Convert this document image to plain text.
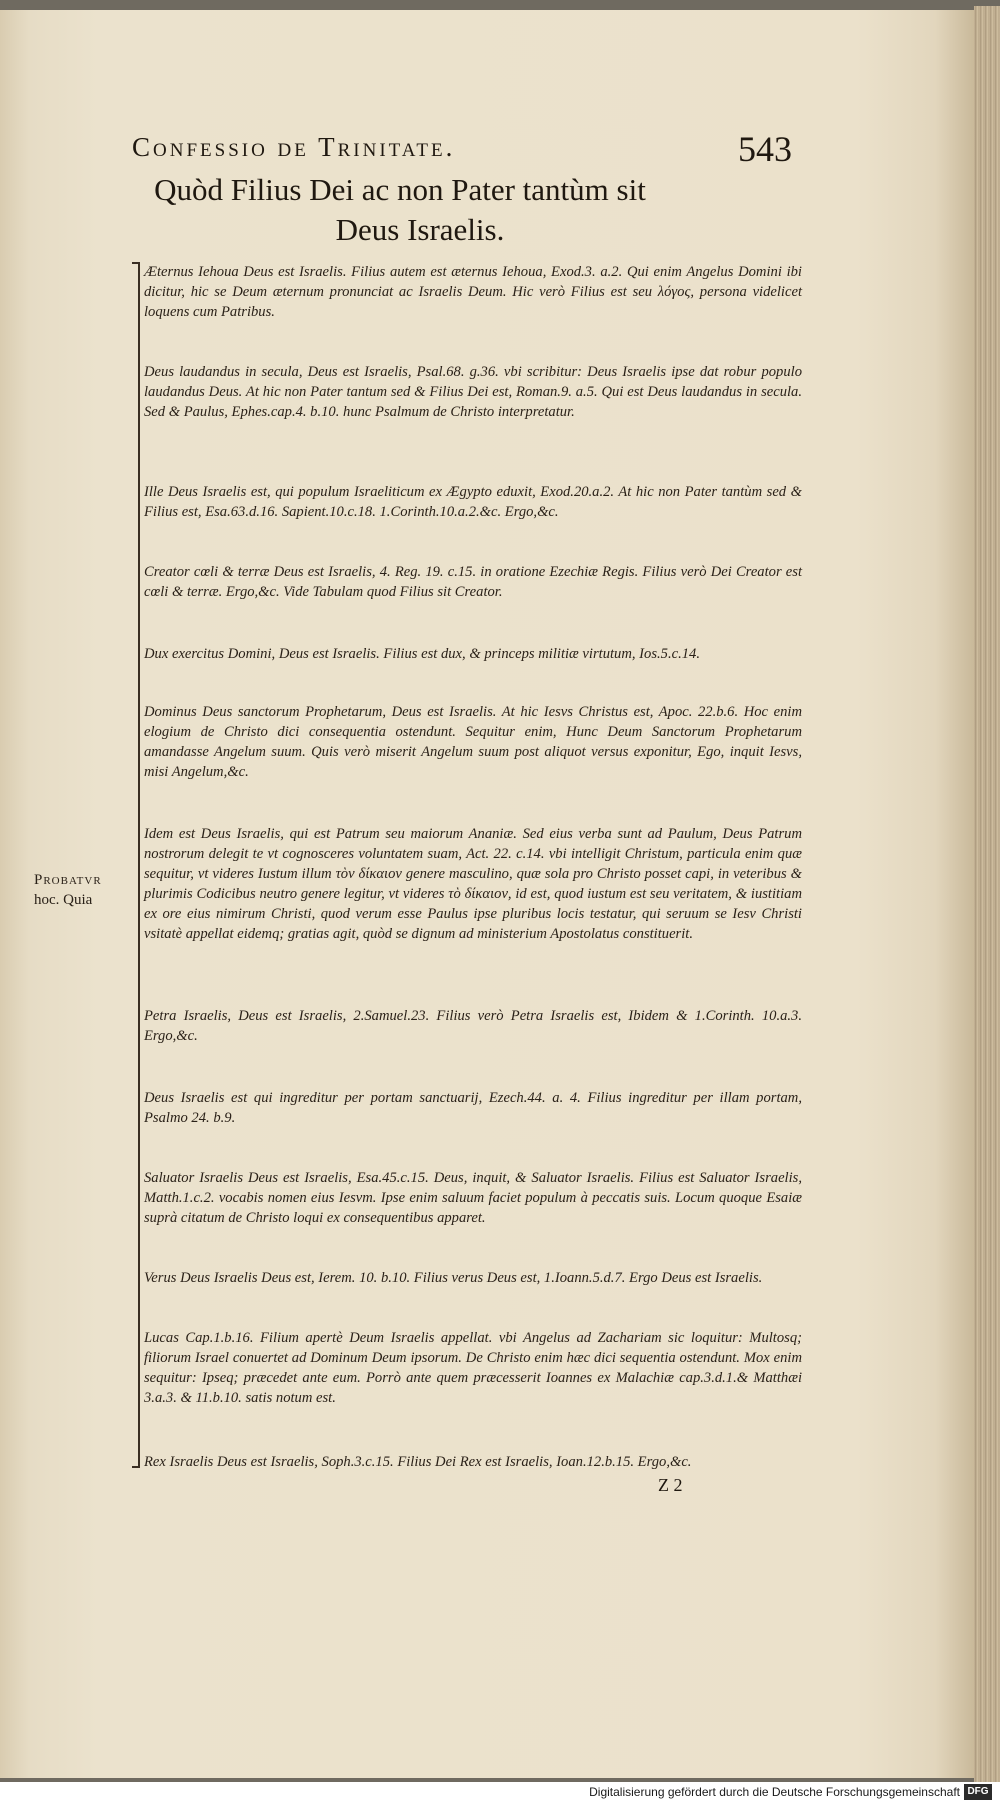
Confessio de Trinitate.	543
Quòd Filius Dei ac non Pater tantùm sit
Deus Israelis.
Probatvr
hoc. Quia

Æternus Iehoua Deus est Israelis. Filius autem est æternus Iehoua, Exod.3. a.2. Qui enim Angelus Domini ibi dicitur, hic se Deum æternum pronunciat ac Israelis Deum. Hic verò Filius est seu λόγος, persona videlicet loquens cum Patribus.

Deus laudandus in secula, Deus est Israelis, Psal.68. g.36. vbi scribitur: Deus Israelis ipse dat robur populo laudandus Deus. At hic non Pater tantum sed & Filius Dei est, Roman.9. a.5. Qui est Deus laudandus in secula. Sed & Paulus, Ephes.cap.4. b.10. hunc Psalmum de Christo interpretatur.

Ille Deus Israelis est, qui populum Israeliticum ex Ægypto eduxit, Exod.20.a.2. At hic non Pater tantùm sed & Filius est, Esa.63.d.16. Sapient.10.c.18. 1.Corinth.10.a.2.&c. Ergo,&c.

Creator cœli & terræ Deus est Israelis, 4. Reg. 19. c.15. in oratione Ezechiæ Regis. Filius verò Dei Creator est cœli & terræ. Ergo,&c. Vide Tabulam quod Filius sit Creator.

Dux exercitus Domini, Deus est Israelis. Filius est dux, & princeps militiæ virtutum, Ios.5.c.14.

Dominus Deus sanctorum Prophetarum, Deus est Israelis. At hic Iesvs Christus est, Apoc. 22.b.6. Hoc enim elogium de Christo dici consequentia ostendunt. Sequitur enim, Hunc Deum Sanctorum Prophetarum amandasse Angelum suum. Quis verò miserit Angelum suum post aliquot versus exponitur, Ego, inquit Iesvs, misi Angelum,&c.

Idem est Deus Israelis, qui est Patrum seu maiorum Ananiæ. Sed eius verba sunt ad Paulum, Deus Patrum nostrorum delegit te vt cognosceres voluntatem suam, Act. 22. c.14. vbi intelligit Christum, particula enim quæ sequitur, vt videres Iustum illum τὸν δίκαιον genere masculino, quæ sola pro Christo posset capi, in veteribus & plurimis Codicibus neutro genere legitur, vt videres τὸ δίκαιον, id est, quod iustum est seu veritatem, & iustitiam ex ore eius nimirum Christi, quod verum esse Paulus ipse pluribus locis testatur, qui seruum se Iesv Christi vsitatè appellat eidemq; gratias agit, quòd se dignum ad ministerium Apostolatus constituerit.

Petra Israelis, Deus est Israelis, 2.Samuel.23. Filius verò Petra Israelis est, Ibidem & 1.Corinth. 10.a.3. Ergo,&c.

Deus Israelis est qui ingreditur per portam sanctuarij, Ezech.44. a. 4. Filius ingreditur per illam portam, Psalmo 24. b.9.

Saluator Israelis Deus est Israelis, Esa.45.c.15. Deus, inquit, & Saluator Israelis. Filius est Saluator Israelis, Matth.1.c.2. vocabis nomen eius Iesvm. Ipse enim saluum faciet populum à peccatis suis. Locum quoque Esaiæ suprà citatum de Christo loqui ex consequentibus apparet.

Verus Deus Israelis Deus est, Ierem. 10. b.10. Filius verus Deus est, 1.Ioann.5.d.7. Ergo Deus est Israelis.

Lucas Cap.1.b.16. Filium apertè Deum Israelis appellat. vbi Angelus ad Zachariam sic loquitur: Multosq; filiorum Israel conuertet ad Dominum Deum ipsorum. De Christo enim hæc dici sequentia ostendunt. Mox enim sequitur: Ipseq; præcedet ante eum. Porrò ante quem præcesserit Ioannes ex Malachiæ cap.3.d.1.& Matthæi 3.a.3. & 11.b.10. satis notum est.

Rex Israelis Deus est Israelis, Soph.3.c.15. Filius Dei Rex est Israelis, Ioan.12.b.15. Ergo,&c.

Z 2
Digitalisierung gefördert durch die Deutsche Forschungsgemeinschaft DFG
